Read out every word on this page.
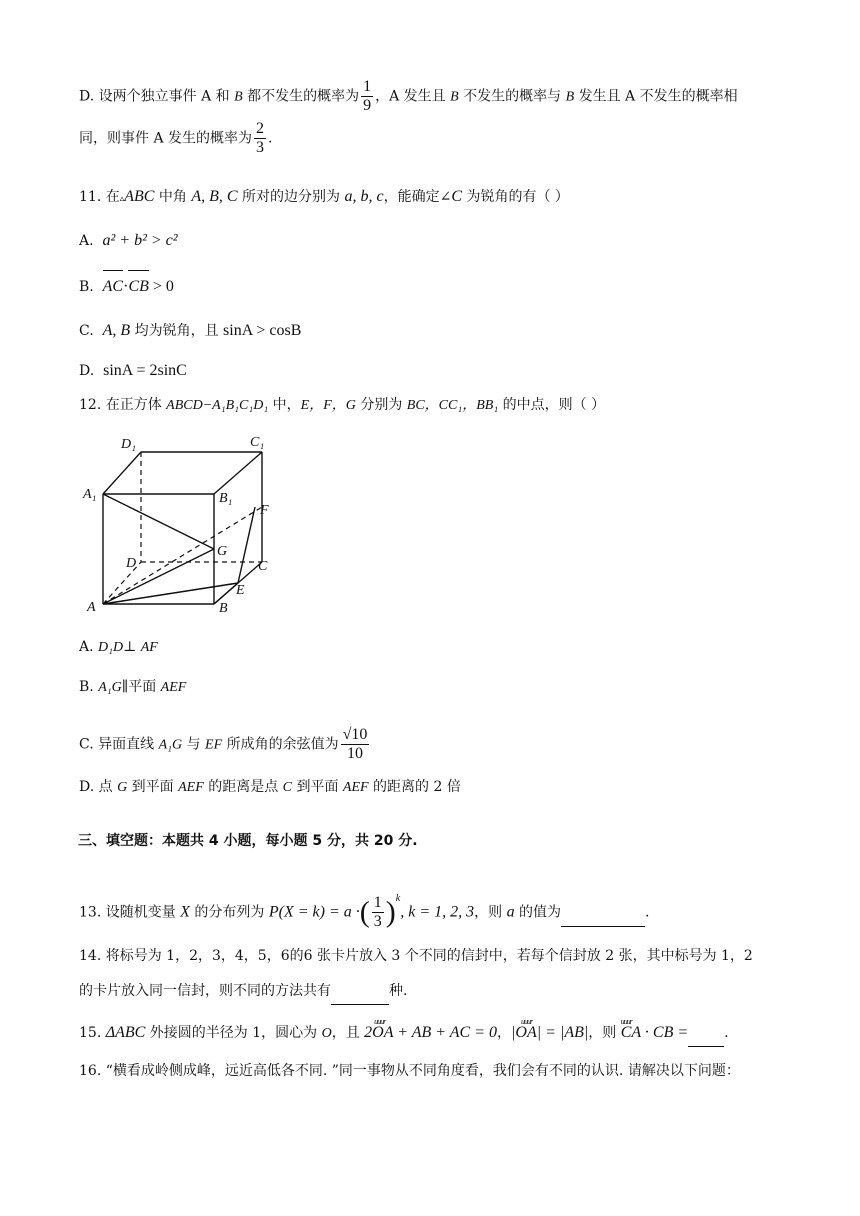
D. 设两个独立事件 A 和 B 都不发生的概率为 $\frac{1}{9}$ ，A 发生且 B 不发生的概率与 B 发生且 A 不发生的概率相
同，则事件 A 发生的概率为 $\frac{2}{3}$ .
11. 在▵ABC 中角 A, B, C 所对的边分别为 a, b, c，能确定∠C 为锐角的有（ ）
A. a² + b² > c²
B. AC·
CB > 0
C. A, B 均为锐角，且 sinA > cosB
D. sinA = 2sinC
12. 在正方体 ABCD−A₁B₁C₁D₁ 中，E，F，G 分别为 BC，CC₁，BB₁ 的中点，则（ ）
D₁	C₁
A₁	B₁
F
G
D	C
E
A	B
A. D₁D⊥ AF
B. A₁G∥平面 AEF
C. 异面直线 A₁G 与 EF 所成角的余弦值为 $\frac{√10}{10}$
D. 点 G 到平面 AEF 的距离是点 C 到平面 AEF 的距离的 2 倍
三、填空题：本题共 4 小题，每小题 5 分，共 20 分.
13. 设随机变量 X 的分布列为 P(X = k) = a ·( $\frac{1}{3} )^k$, k = 1, 2, 3，则 a 的值为	.
14. 将标号为 1，2，3，4，5，6的6 张卡片放入 3 个不同的信封中，若每个信封放 2 张，其中标号为 1，2
的卡片放入同一信封，则不同的方法共有	种.
15. ΔABC 外接圆的半径为 1，圆心为 O，且
uuur
2OA + AB + AC = 0，
uuur
|OA| = |AB|，则
uuur
CA · CB =	.
16. “横看成岭侧成峰，远近高低各不同. ”同一事物从不同角度看，我们会有不同的认识. 请解决以下问题：
